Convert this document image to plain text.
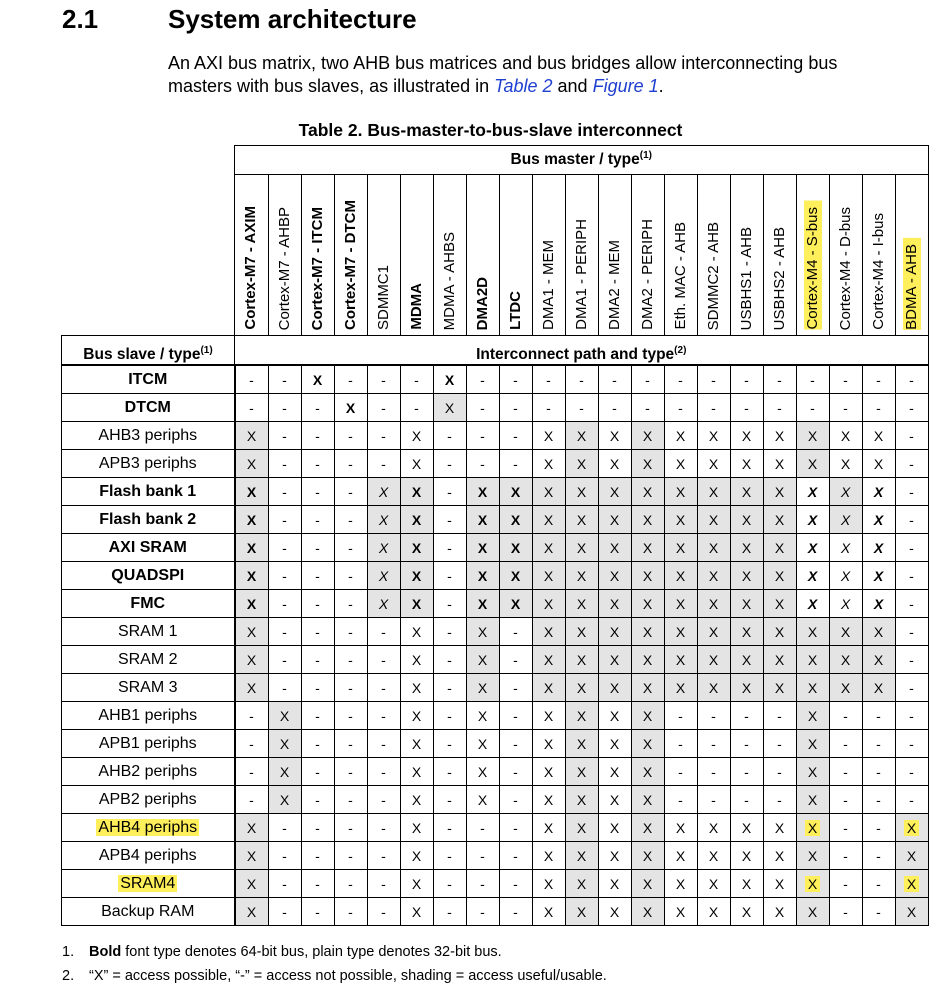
2.1	System architecture
An AXI bus matrix, two AHB bus matrices and bus bridges allow interconnecting bus masters with bus slaves, as illustrated in Table 2 and Figure 1.
Table 2. Bus-master-to-bus-slave interconnect
	Bus master / type$^{(1)}$
	Cortex-M7 - AXIM	Cortex-M7 - AHBP	Cortex-M7 - ITCM	Cortex-M7 - DTCM	SDMMC1	MDMA	MDMA - AHBS	DMA2D	LTDC	DMA1 - MEM	DMA1 - PERIPH	DMA2 - MEM	DMA2 - PERIPH	Eth. MAC - AHB	SDMMC2 - AHB	USBHS1 - AHB	USBHS2 - AHB	Cortex-M4 - S-bus	Cortex-M4 - D-bus	Cortex-M4 - I-bus	BDMA - AHB
Bus slave / type$^{(1)}$	Interconnect path and type$^{(2)}$
ITCM	-	-	X	-	-	-	X	-	-	-	-	-	-	-	-	-	-	-	-	-	-
DTCM	-	-	-	X	-	-	X	-	-	-	-	-	-	-	-	-	-	-	-	-	-
AHB3 periphs	X	-	-	-	-	X	-	-	-	X	X	X	X	X	X	X	X	X	X	X	-
APB3 periphs	X	-	-	-	-	X	-	-	-	X	X	X	X	X	X	X	X	X	X	X	-
Flash bank 1	X	-	-	-	X	X	-	X	X	X	X	X	X	X	X	X	X	X	X	X	-
Flash bank 2	X	-	-	-	X	X	-	X	X	X	X	X	X	X	X	X	X	X	X	X	-
AXI SRAM	X	-	-	-	X	X	-	X	X	X	X	X	X	X	X	X	X	X	X	X	-
QUADSPI	X	-	-	-	X	X	-	X	X	X	X	X	X	X	X	X	X	X	X	X	-
FMC	X	-	-	-	X	X	-	X	X	X	X	X	X	X	X	X	X	X	X	X	-
SRAM 1	X	-	-	-	-	X	-	X	-	X	X	X	X	X	X	X	X	X	X	X	-
SRAM 2	X	-	-	-	-	X	-	X	-	X	X	X	X	X	X	X	X	X	X	X	-
SRAM 3	X	-	-	-	-	X	-	X	-	X	X	X	X	X	X	X	X	X	X	X	-
AHB1 periphs	-	X	-	-	-	X	-	X	-	X	X	X	X	-	-	-	-	X	-	-	-
APB1 periphs	-	X	-	-	-	X	-	X	-	X	X	X	X	-	-	-	-	X	-	-	-
AHB2 periphs	-	X	-	-	-	X	-	X	-	X	X	X	X	-	-	-	-	X	-	-	-
APB2 periphs	-	X	-	-	-	X	-	X	-	X	X	X	X	-	-	-	-	X	-	-	-
AHB4 periphs	X	-	-	-	-	X	-	-	-	X	X	X	X	X	X	X	X	X	-	-	X
APB4 periphs	X	-	-	-	-	X	-	-	-	X	X	X	X	X	X	X	X	X	-	-	X
SRAM4	X	-	-	-	-	X	-	-	-	X	X	X	X	X	X	X	X	X	-	-	X
Backup RAM	X	-	-	-	-	X	-	-	-	X	X	X	X	X	X	X	X	X	-	-	X
1. Bold font type denotes 64-bit bus, plain type denotes 32-bit bus.
2. “X” = access possible, “-” = access not possible, shading = access useful/usable.
